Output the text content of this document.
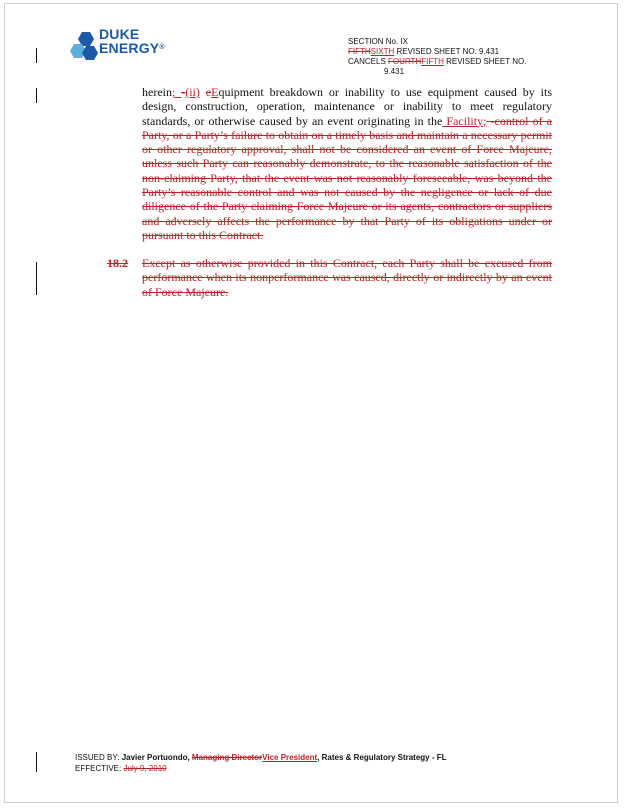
DUKE
ENERGY®
SECTION No. IX
FIFTHSIXTH REVISED SHEET NO. 9.431
CANCELS FOURTHFIFTH REVISED SHEET NO.
9.431
herein; -(ii) eEquipment breakdown or inability to use equipment caused by its design, construction, operation, maintenance or inability to meet regulatory standards, or otherwise caused by an event originating in the Facility; -control of a Party, or a Party’s failure to obtain on a timely basis and maintain a necessary permit or other regulatory approval, shall not be considered an event of Force Majeure, unless such Party can reasonably demonstrate, to the reasonable satisfaction of the non-claiming Party, that the event was not reasonably foreseeable, was beyond the Party’s reasonable control and was not caused by the negligence or lack of due diligence of the Party claiming Force Majeure or its agents, contractors or suppliers and adversely affects the performance by that Party of its obligations under or pursuant to this Contract.
18.2 Except as otherwise provided in this Contract, each Party shall be excused from performance when its nonperformance was caused, directly or indirectly by an event of Force Majeure.
ISSUED BY: Javier Portuondo, Managing DirectorVice President, Rates & Regulatory Strategy - FL
EFFECTIVE: July 9, 2010
